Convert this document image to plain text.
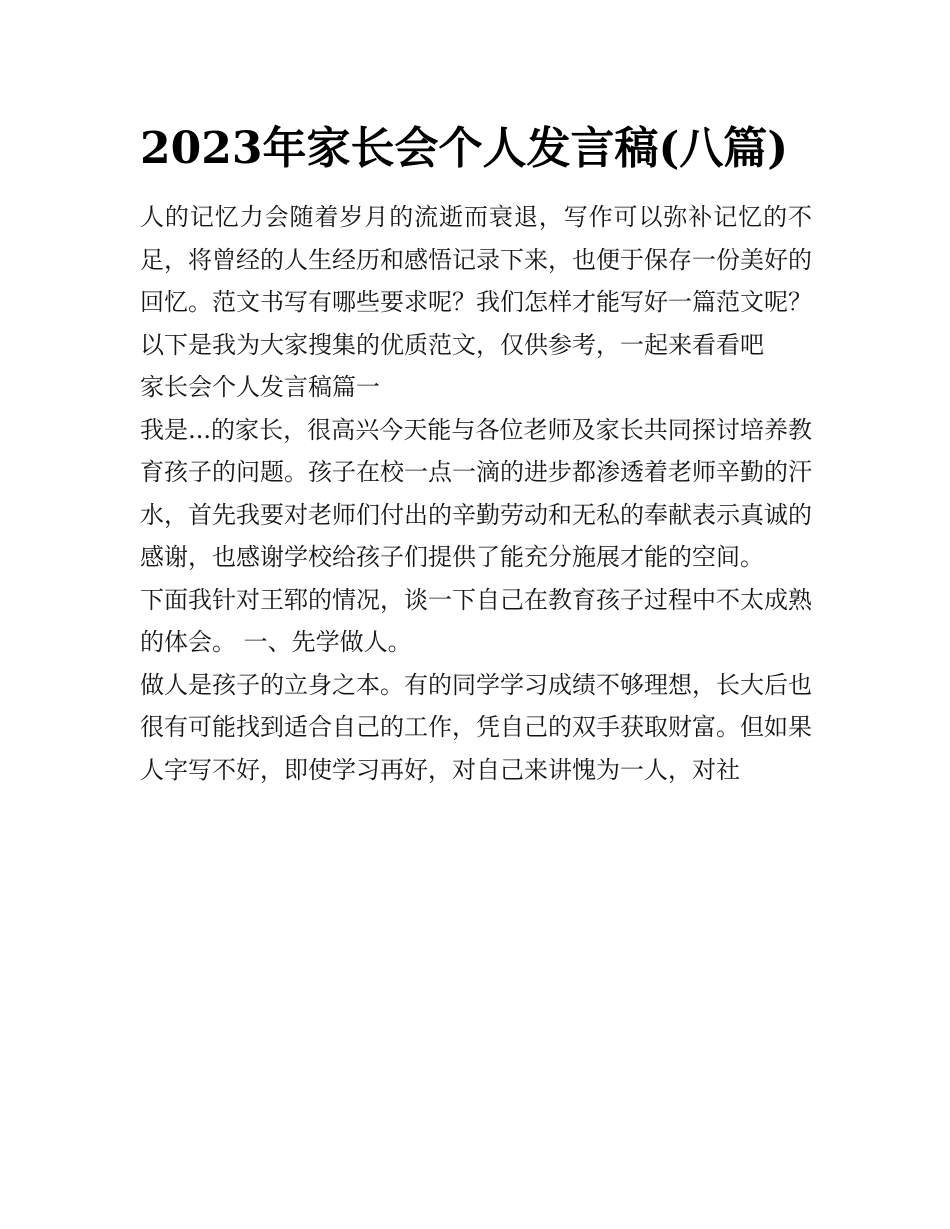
2023年家长会个人发言稿(八篇)

人的记忆力会随着岁月的流逝而衰退，写作可以弥补记忆的不足，将曾经的人生经历和感悟记录下来，也便于保存一份美好的回忆。范文书写有哪些要求呢？我们怎样才能写好一篇范文呢？以下是我为大家搜集的优质范文，仅供参考，一起来看看吧

家长会个人发言稿篇一

我是...的家长，很高兴今天能与各位老师及家长共同探讨培养教育孩子的问题。孩子在校一点一滴的进步都渗透着老师辛勤的汗水，首先我要对老师们付出的辛勤劳动和无私的奉献表示真诚的感谢，也感谢学校给孩子们提供了能充分施展才能的空间。

下面我针对王郓的情况，谈一下自己在教育孩子过程中不太成熟的体会。 一、先学做人。

做人是孩子的立身之本。有的同学学习成绩不够理想，长大后也很有可能找到适合自己的工作，凭自己的双手获取财富。但如果人字写不好，即使学习再好，对自己来讲愧为一人，对社
